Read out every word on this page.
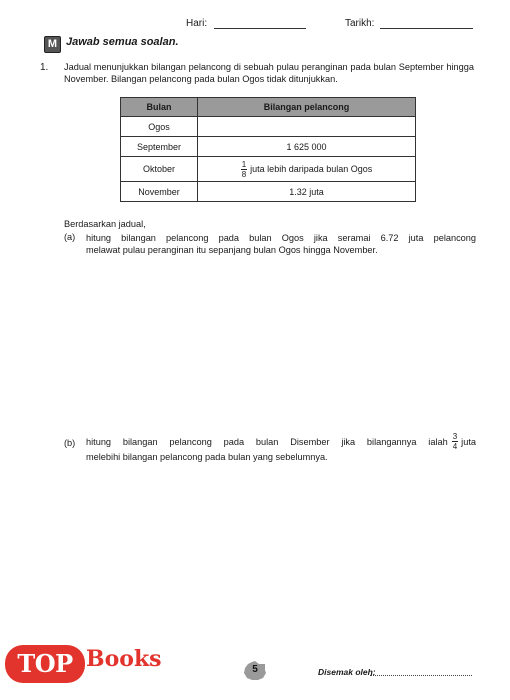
Hari:	Tarikh:
M Jawab semua soalan.
1. Jadual menunjukkan bilangan pelancong di sebuah pulau peranginan pada bulan September hingga November. Bilangan pelancong pada bulan Ogos tidak ditunjukkan.
Bulan	Bilangan pelancong
Ogos	
September	1 625 000
Oktober	$\frac{1}{8}$ juta lebih daripada bulan Ogos
November	1.32 juta
Berdasarkan jadual,
(a) hitung bilangan pelancong pada bulan Ogos jika seramai 6.72 juta pelancong
melawat pulau peranginan itu sepanjang bulan Ogos hingga November.
(b) hitung bilangan pelancong pada bulan Disember jika bilangannya ialah $\frac{3}{4}$ juta
melebihi bilangan pelancong pada bulan yang sebelumnya.
TOP Books	5	Disemak oleh:
